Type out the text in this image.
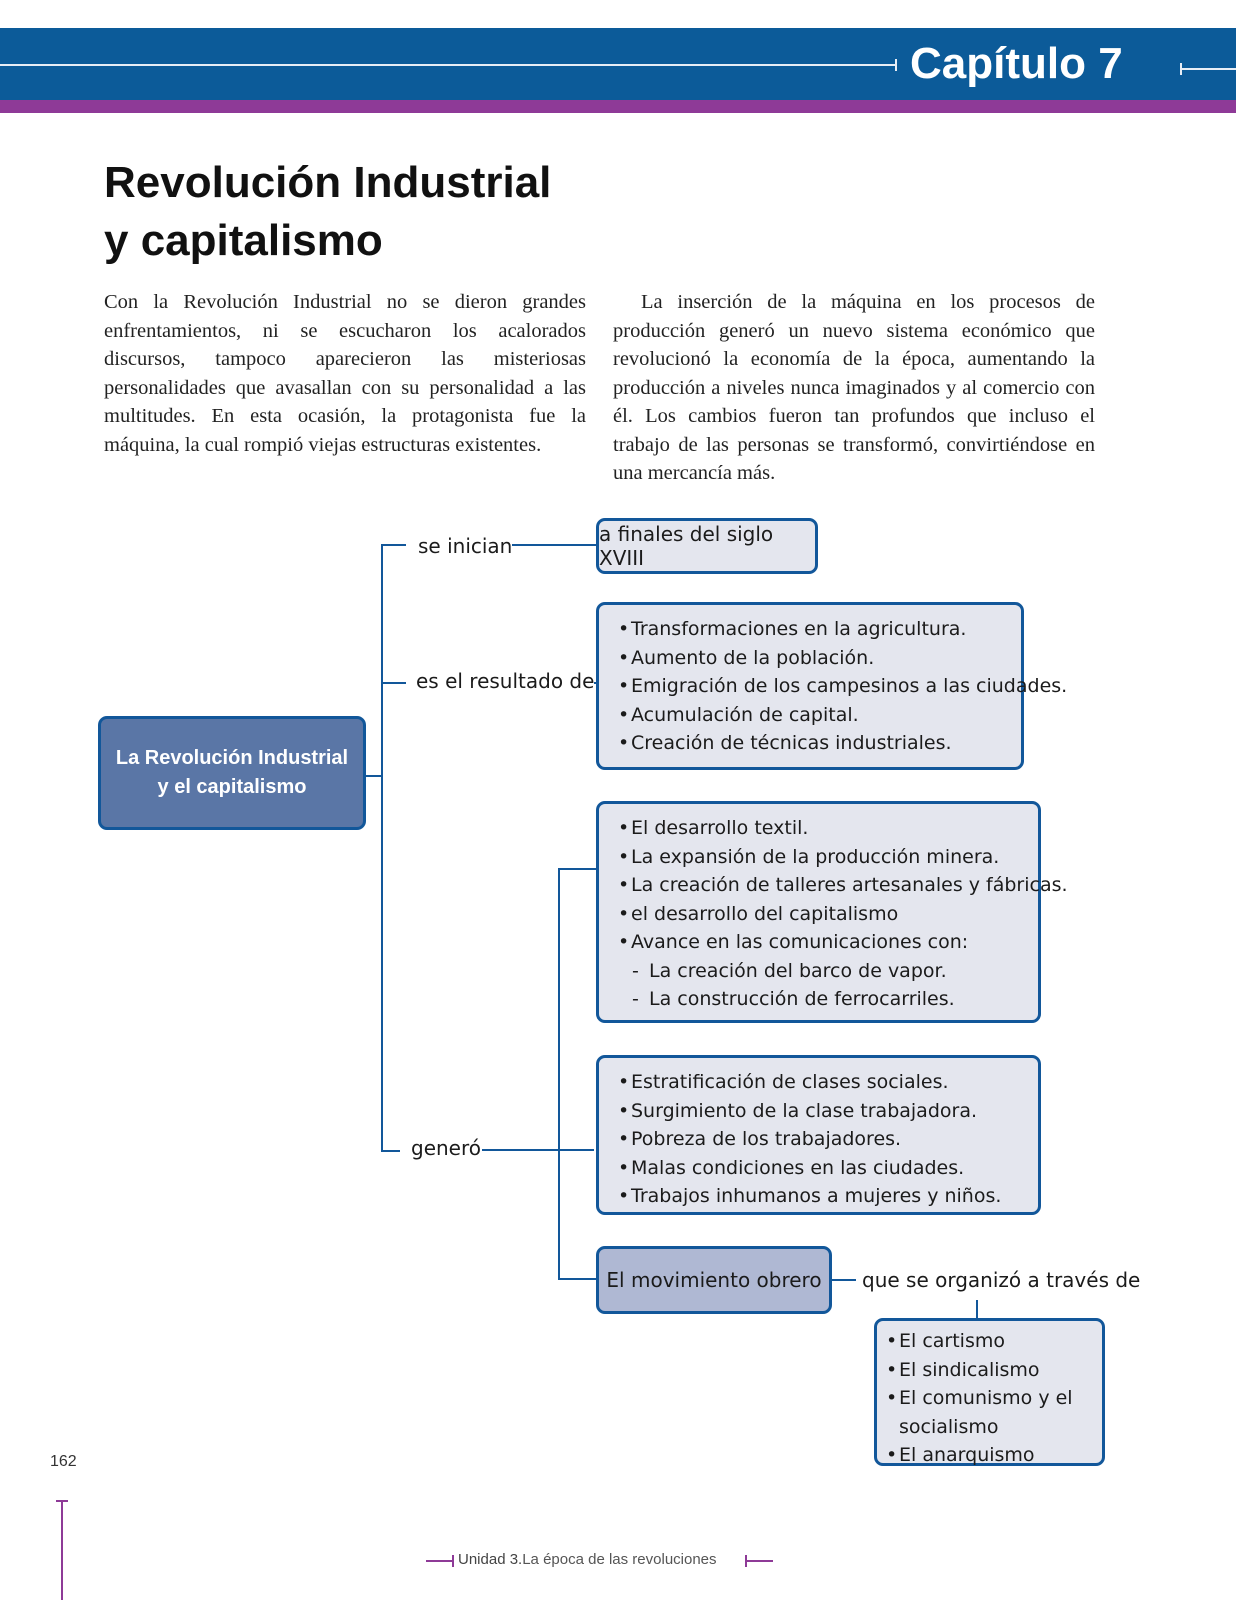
Capítulo 7
Revolución Industrial
y capitalismo

Con la Revolución Industrial no se dieron grandes enfrentamientos, ni se escucharon los acalorados discursos, tampoco aparecieron las misteriosas personalidades que avasallan con su personalidad a las multitudes. En esta ocasión, la protagonista fue la máquina, la cual rompió viejas estructuras existentes.

La inserción de la máquina en los procesos de producción generó un nuevo sistema económico que revolucionó la economía de la época, aumentando la producción a niveles nunca imaginados y al comercio con él. Los cambios fueron tan profundos que incluso el trabajo de las personas se transformó, convirtiéndose en una mercancía más.

se inician
es el resultado de
generó
que se organizó a través de
La Revolución Industrial
y el capitalismo
a finales del siglo XVIII
• Transformaciones en la agricultura.
• Aumento de la población.
• Emigración de los campesinos a las ciudades.
• Acumulación de capital.
• Creación de técnicas industriales.
• El desarrollo textil.
• La expansión de la producción minera.
• La creación de talleres artesanales y fábricas.
• el desarrollo del capitalismo
• Avance en las comunicaciones con:
- La creación del barco de vapor.
- La construcción de ferrocarriles.
• Estratificación de clases sociales.
• Surgimiento de la clase trabajadora.
• Pobreza de los trabajadores.
• Malas condiciones en las ciudades.
• Trabajos inhumanos a mujeres y niños.
El movimiento obrero
• El cartismo
• El sindicalismo
• El comunismo y el
socialismo
• El anarquismo
162
Unidad 3.La época de las revoluciones
